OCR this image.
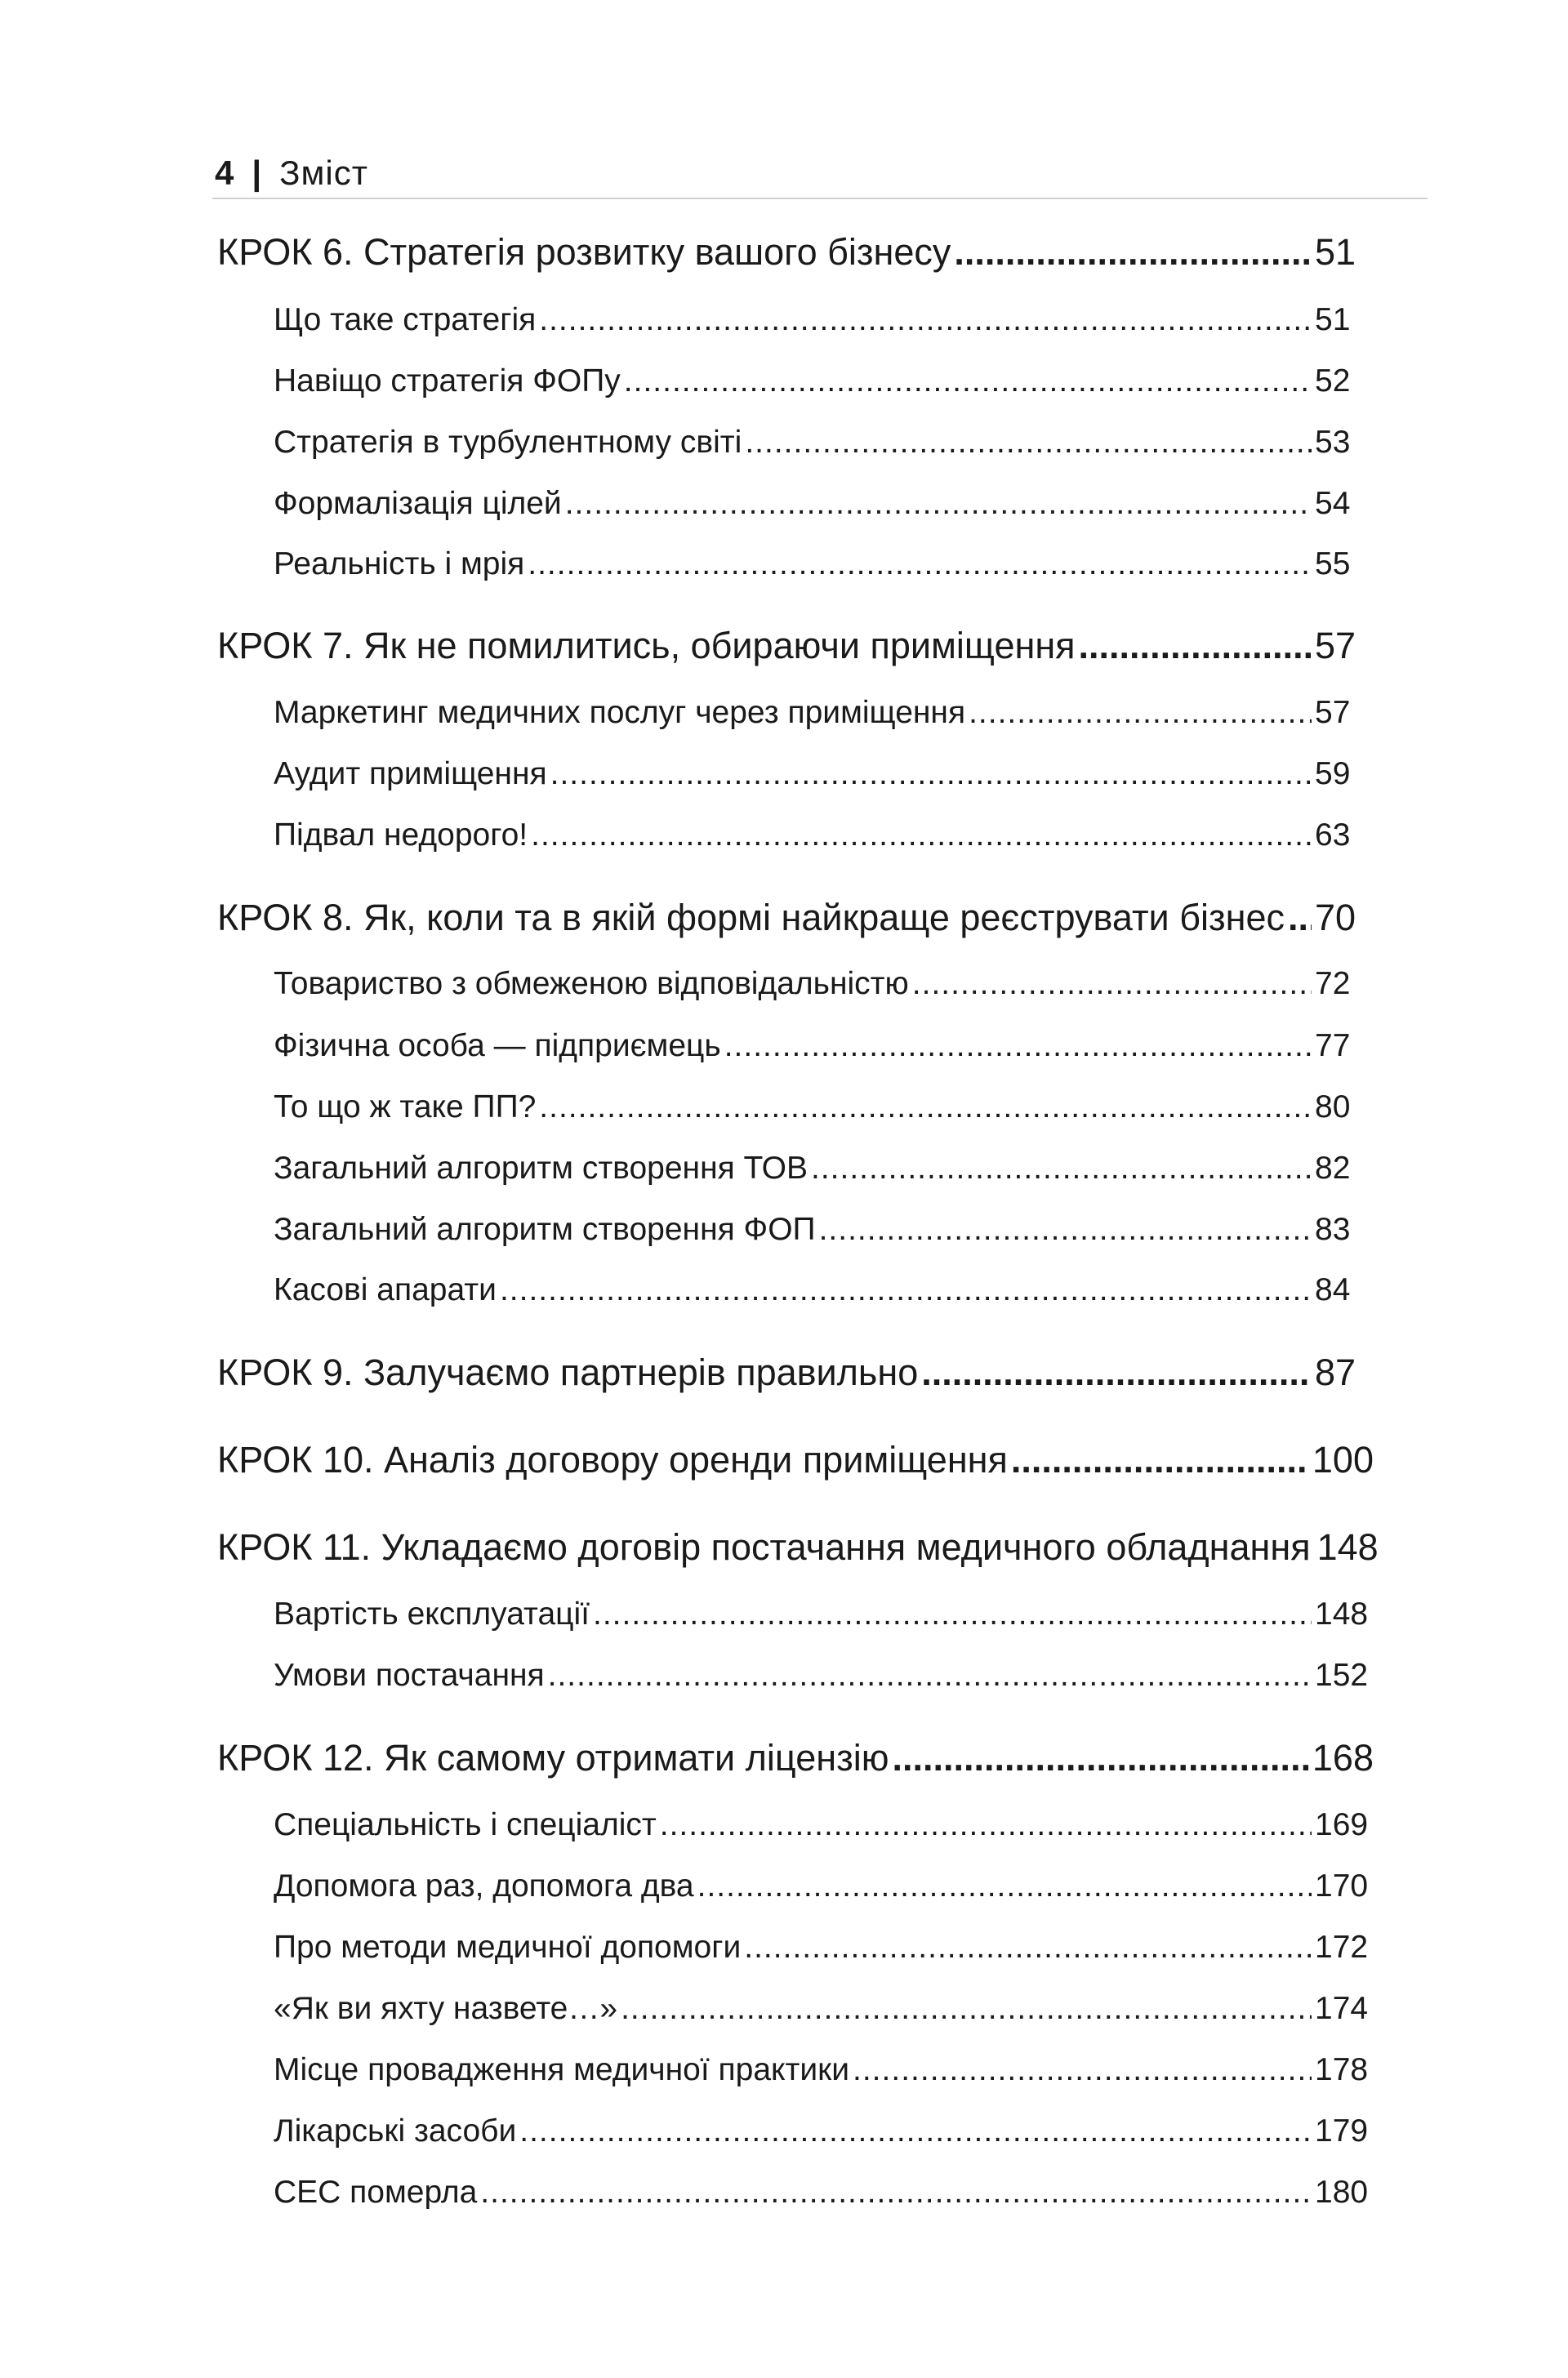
4 | Зміст
КРОК 6. Стратегія розвитку вашого бізнесу .....	51
Що таке стратегія .....	51
Навіщо стратегія ФОПу .....	52
Стратегія в турбулентному світі .....	53
Формалізація цілей .....	54
Реальність і мрія .....	55
КРОК 7. Як не помилитись, обираючи приміщення .....	57
Маркетинг медичних послуг через приміщення .....	57
Аудит приміщення .....	59
Підвал недорого! .....	63
КРОК 8. Як, коли та в якій формі найкраще реєструвати бізнес ..... 70
Товариство з обмеженою відповідальністю .....	72
Фізична особа — підприємець .....	77
То що ж таке ПП? .....	80
Загальний алгоритм створення ТОВ .....	82
Загальний алгоритм створення ФОП .....	83
Касові апарати .....	84
КРОК 9. Залучаємо партнерів правильно .....	87
КРОК 10. Аналіз договору оренди приміщення .....	100
КРОК 11. Укладаємо договір постачання медичного обладнання 148
Вартість експлуатації .....	148
Умови постачання .....	152
КРОК 12. Як самому отримати ліцензію .....	168
Спеціальність і спеціаліст .....	169
Допомога раз, допомога два .....	170
Про методи медичної допомоги .....	172
«Як ви яхту назвете…» .....	174
Місце провадження медичної практики .....	178
Лікарські засоби .....	179
СЕС померла .....	180
